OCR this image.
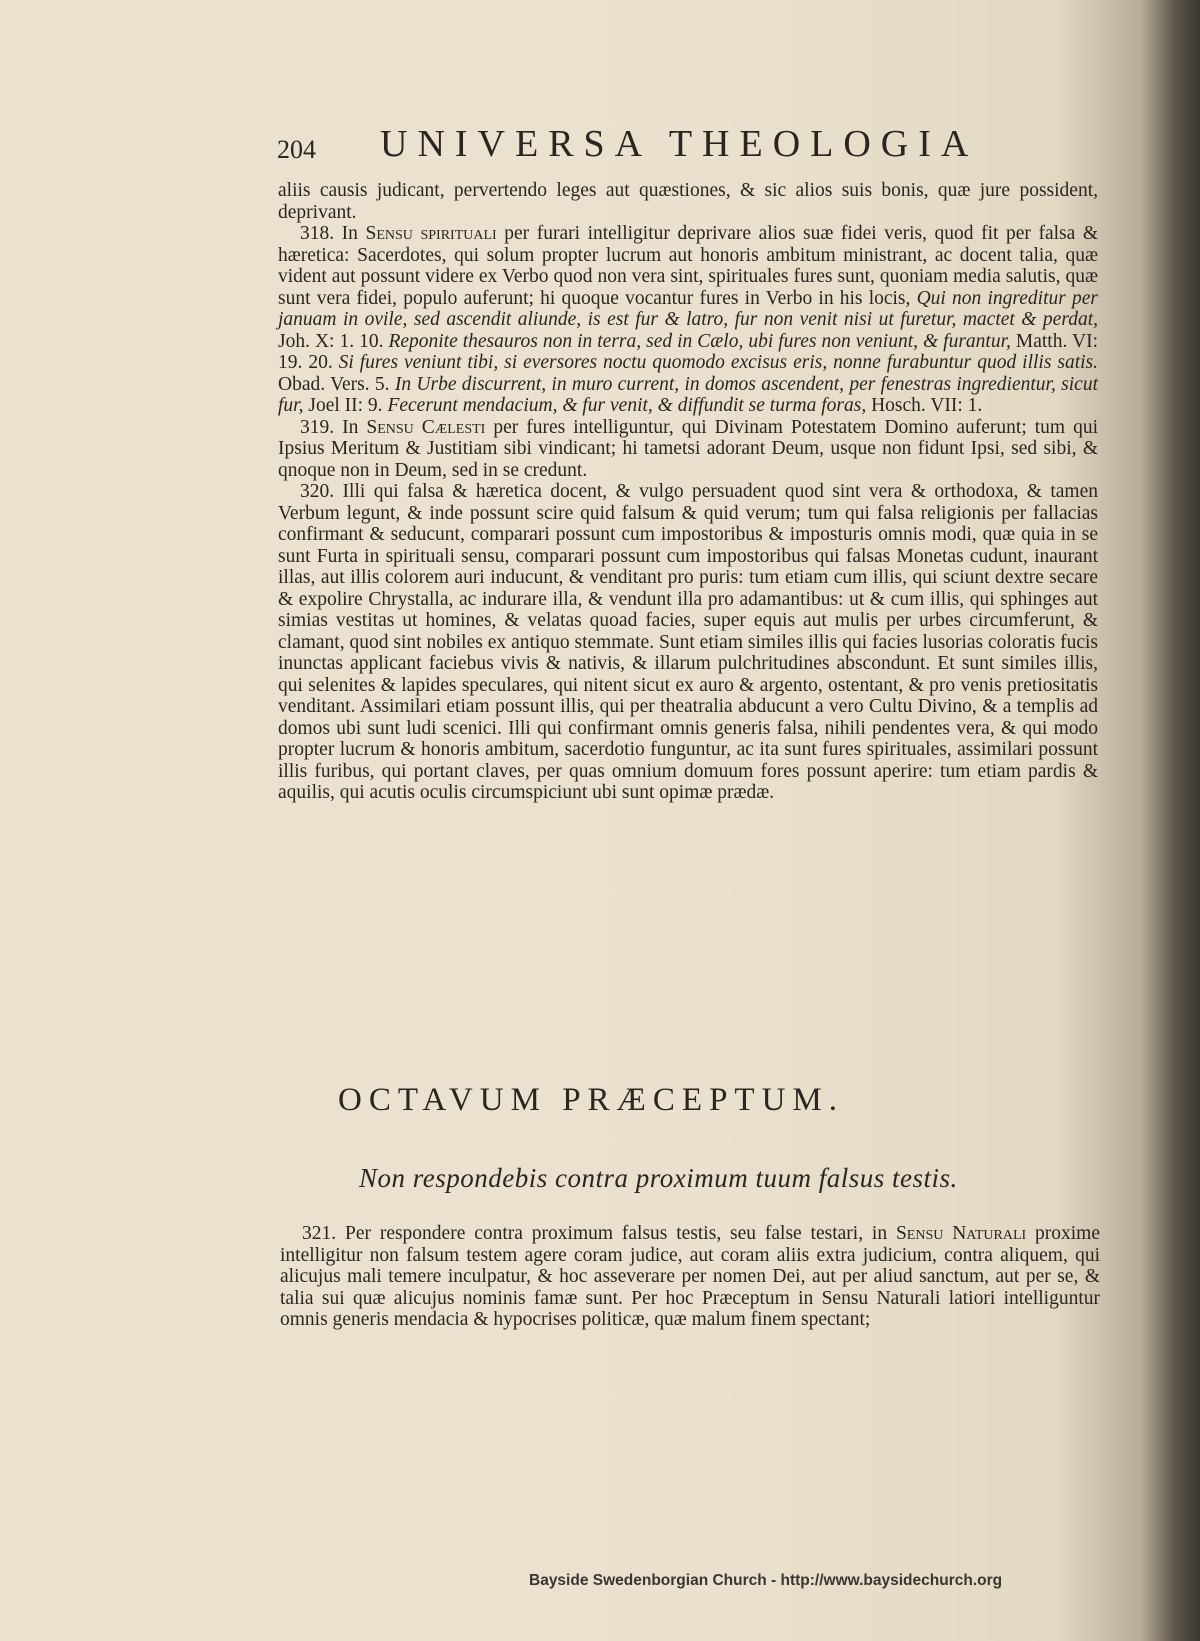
204 UNIVERSA THEOLOGIA

aliis causis judicant, pervertendo leges aut quæstiones, & sic alios suis bonis, quæ jure possident, deprivant.

318. In Sensu spirituali per furari intelligitur deprivare alios suæ fidei veris, quod fit per falsa & hæretica: Sacerdotes, qui solum propter lucrum aut honoris ambitum ministrant, ac docent talia, quæ vident aut possunt videre ex Verbo quod non vera sint, spirituales fures sunt, quoniam media salutis, quæ sunt vera fidei, populo auferunt; hi quoque vocantur fures in Verbo in his locis, Qui non ingreditur per januam in ovile, sed ascendit aliunde, is est fur & latro, fur non venit nisi ut furetur, mactet & perdat, Joh. X: 1. 10. Reponite thesauros non in terra, sed in Cælo, ubi fures non veniunt, & furantur, Matth. VI: 19. 20. Si fures veniunt tibi, si eversores noctu quomodo excisus eris, nonne furabuntur quod illis satis. Obad. Vers. 5. In Urbe discurrent, in muro current, in domos ascendent, per fenestras ingredientur, sicut fur, Joel II: 9. Fecerunt mendacium, & fur venit, & diffundit se turma foras, Hosch. VII: 1.

319. In Sensu Cælesti per fures intelliguntur, qui Divinam Potestatem Domino auferunt; tum qui Ipsius Meritum & Justitiam sibi vindicant; hi tametsi adorant Deum, usque non fidunt Ipsi, sed sibi, & qnoque non in Deum, sed in se credunt.

320. Illi qui falsa & hæretica docent, & vulgo persuadent quod sint vera & orthodoxa, & tamen Verbum legunt, & inde possunt scire quid falsum & quid verum; tum qui falsa religionis per fallacias confirmant & seducunt, comparari possunt cum impostoribus & imposturis omnis modi, quæ quia in se sunt Furta in spirituali sensu, comparari possunt cum impostoribus qui falsas Monetas cudunt, inaurant illas, aut illis colorem auri inducunt, & venditant pro puris: tum etiam cum illis, qui sciunt dextre secare & expolire Chrystalla, ac indurare illa, & vendunt illa pro adamantibus: ut & cum illis, qui sphinges aut simias vestitas ut homines, & velatas quoad facies, super equis aut mulis per urbes circumferunt, & clamant, quod sint nobiles ex antiquo stemmate. Sunt etiam similes illis qui facies lusorias coloratis fucis inunctas applicant faciebus vivis & nativis, & illarum pulchritudines abscondunt. Et sunt similes illis, qui selenites & lapides speculares, qui nitent sicut ex auro & argento, ostentant, & pro venis pretiositatis venditant. Assimilari etiam possunt illis, qui per theatralia abducunt a vero Cultu Divino, & a templis ad domos ubi sunt ludi scenici. Illi qui confirmant omnis generis falsa, nihili pendentes vera, & qui modo propter lucrum & honoris ambitum, sacerdotio funguntur, ac ita sunt fures spirituales, assimilari possunt illis furibus, qui portant claves, per quas omnium domuum fores possunt aperire: tum etiam pardis & aquilis, qui acutis oculis circumspiciunt ubi sunt opimæ prædæ.

OCTAVUM PRÆCEPTUM.
Non respondebis contra proximum tuum falsus testis.

321. Per respondere contra proximum falsus testis, seu false testari, in Sensu Naturali proxime intelligitur non falsum testem agere coram judice, aut coram aliis extra judicium, contra aliquem, qui alicujus mali temere inculpatur, & hoc asseverare per nomen Dei, aut per aliud sanctum, aut per se, & talia sui quæ alicujus nominis famæ sunt. Per hoc Præceptum in Sensu Naturali latiori intelliguntur omnis generis mendacia & hypocrises politicæ, quæ malum finem spectant;

Bayside Swedenborgian Church - http://www.baysidechurch.org
